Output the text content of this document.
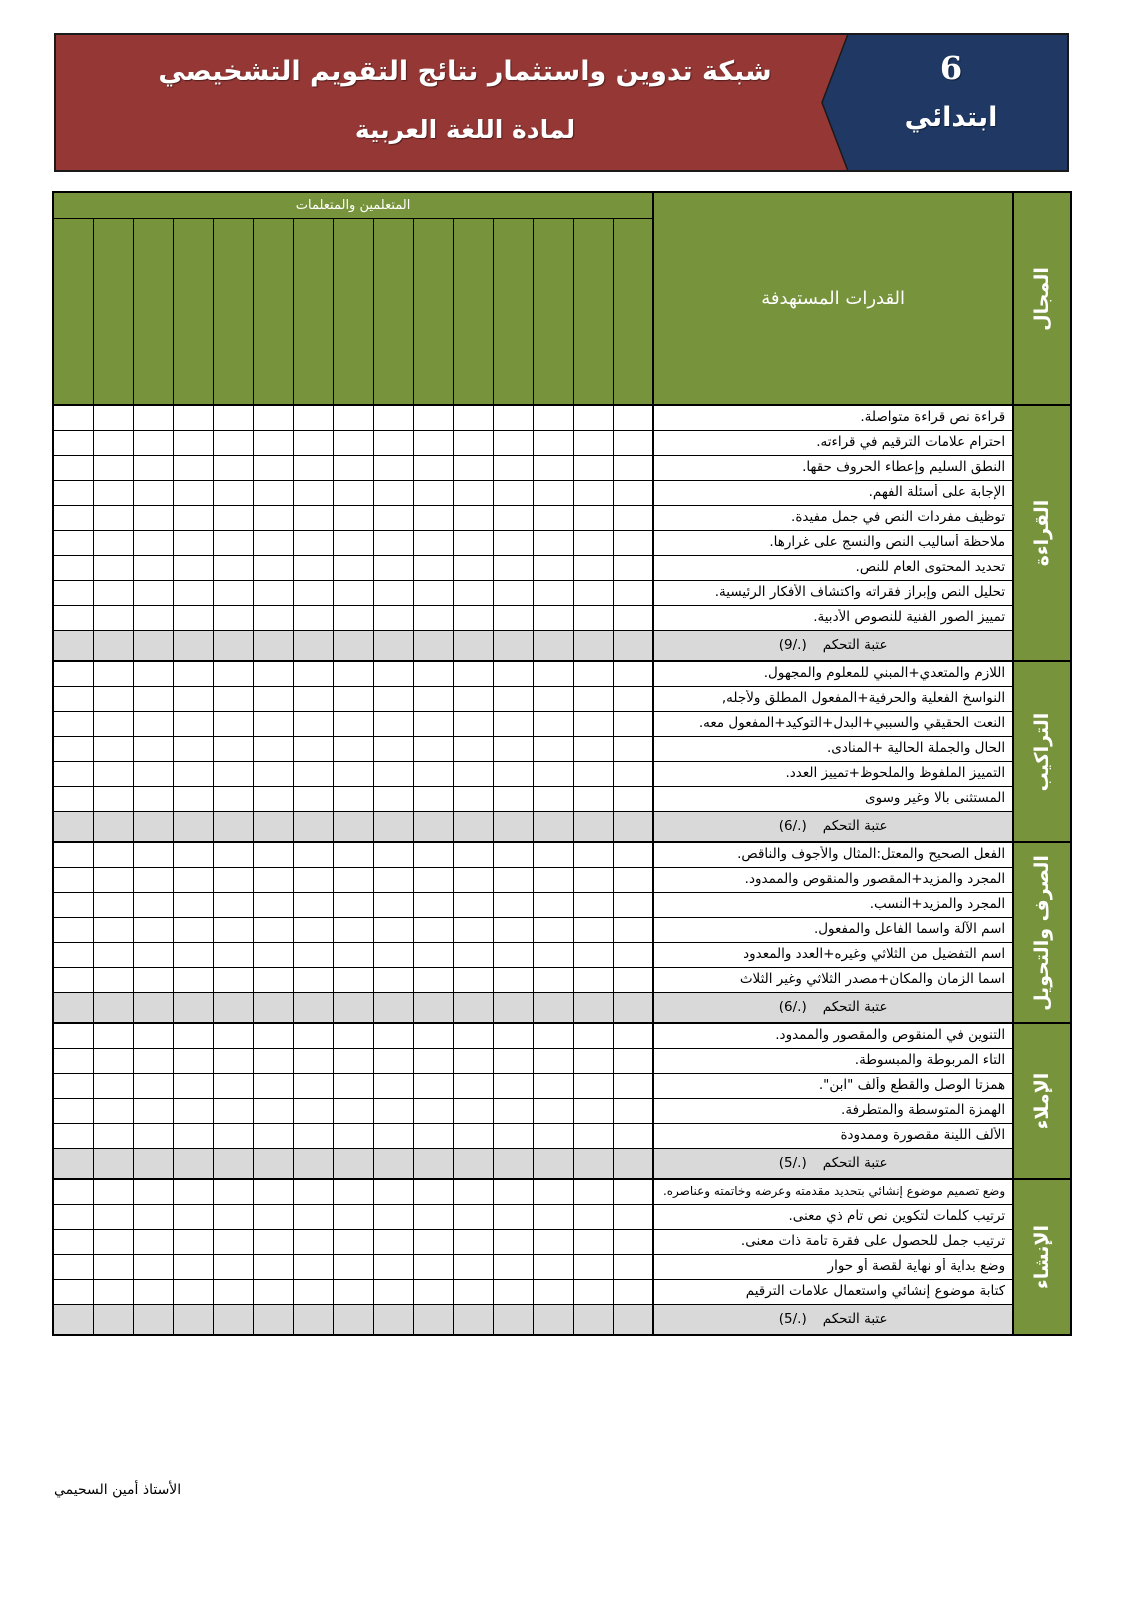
شبكة تدوين واستثمار نتائج التقويم التشخيصي
لمادة اللغة العربية
6
ابتدائي
المجال	القدرات المستهدفة	المتعلمين والمتعلمات														

القراءة	قراءة نص قراءة متواصلة.															

	احترام علامات الترقيم في قراءته.															

	النطق السليم وإعطاء الحروف حقها.															

	الإجابة على أسئلة الفهم.															

	توظيف مفردات النص في جمل مفيدة.															

	ملاحظة أساليب النص والنسج على غرارها.															

	تحديد المحتوى العام للنص.															

	تحليل النص وإبراز فقراته واكتشاف الأفكار الرئيسية.															

	تمييز الصور الفنية للنصوص الأدبية.															

	عتبة التحكم(9/.)															

التراكيب	اللازم والمتعدي+المبني للمعلوم والمجهول.															

	النواسخ الفعلية والحرفية+المفعول المطلق ولأجله,															

	النعت الحقيقي والسببي+البدل+التوكيد+المفعول معه.															

	الحال والجملة الحالية +المنادى.															

	التمييز الملفوظ والملحوظ+تمييز العدد.															

	المستثنى بالا وغير وسوى															

	عتبة التحكم(6/.)															

الصرف والتحويل	الفعل الصحيح والمعتل:المثال والأجوف والناقص.															

	المجرد والمزيد+المقصور والمنقوص والممدود.															

	المجرد والمزيد+النسب.															

	اسم الآلة واسما الفاعل والمفعول.															

	اسم التفضيل من الثلاثي وغيره+العدد والمعدود															

	اسما الزمان والمكان+مصدر الثلاثي وغير الثلاث															

	عتبة التحكم(6/.)															

الإملاء	التنوين في المنقوص والمقصور والممدود.															

	التاء المربوطة والمبسوطة.															

	همزتا الوصل والقطع وألف "ابن".															

	الهمزة المتوسطة والمتطرفة.															

	الألف اللينة مقصورة وممدودة															

	عتبة التحكم(5/.)															

الإنشاء	وضع تصميم موضوع إنشائي بتحديد مقدمته وعرضه وخاتمته وعناصره.															

	ترتيب كلمات لتكوين نص تام ذي معنى.															

	ترتيب جمل للحصول على فقرة تامة ذات معنى.															

	وضع بداية أو نهاية لقصة أو حوار															

	كتابة موضوع إنشائي واستعمال علامات الترقيم															

	عتبة التحكم(5/.)															
الأستاذ أمين السحيمي
